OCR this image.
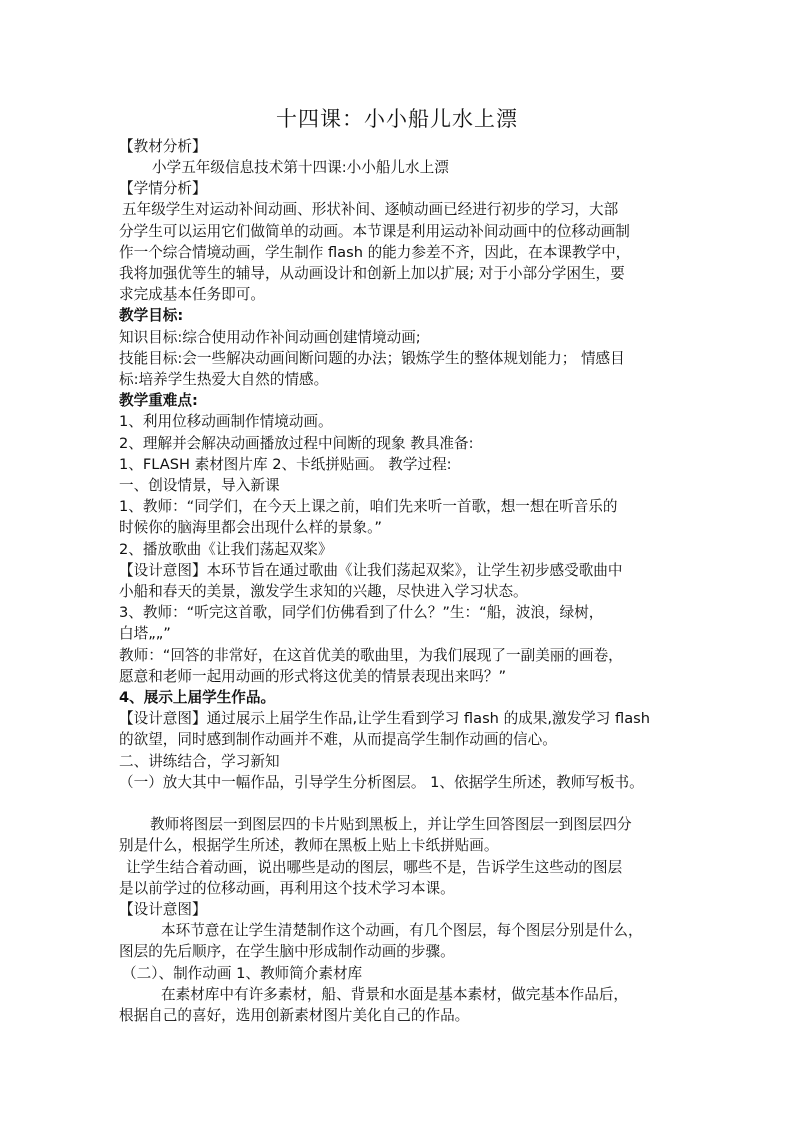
十四课：小小船儿水上漂
【教材分析】
小学五年级信息技术第十四课:小小船儿水上漂
【学情分析】
五年级学生对运动补间动画、形状补间、逐帧动画已经进行初步的学习，大部
分学生可以运用它们做简单的动画。本节课是利用运动补间动画中的位移动画制
作一个综合情境动画，学生制作 flash 的能力参差不齐，因此，在本课教学中，
我将加强优等生的辅导，从动画设计和创新上加以扩展; 对于小部分学困生，要
求完成基本任务即可。
教学目标:
知识目标:综合使用动作补间动画创建情境动画;
技能目标:会一些解决动画间断问题的办法；锻炼学生的整体规划能力； 情感目
标:培养学生热爱大自然的情感。
教学重难点:
1、利用位移动画制作情境动画。
2、理解并会解决动画播放过程中间断的现象 教具准备:
1、FLASH 素材图片库 2、卡纸拼贴画。 教学过程:
一、创设情景，导入新课
1、教师：“同学们，在今天上课之前，咱们先来听一首歌，想一想在听音乐的
时候你的脑海里都会出现什么样的景象。”
2、播放歌曲《让我们荡起双桨》
【设计意图】本环节旨在通过歌曲《让我们荡起双桨》，让学生初步感受歌曲中
小船和春天的美景，激发学生求知的兴趣，尽快进入学习状态。
3、教师：“听完这首歌，同学们仿佛看到了什么？”生：“船，波浪，绿树，
白塔„„”
教师：“回答的非常好，在这首优美的歌曲里，为我们展现了一副美丽的画卷，
愿意和老师一起用动画的形式将这优美的情景表现出来吗？”
4、展示上届学生作品。
【设计意图】通过展示上届学生作品,让学生看到学习 flash 的成果,激发学习 flash
的欲望，同时感到制作动画并不难，从而提高学生制作动画的信心。
二、讲练结合，学习新知
（一）放大其中一幅作品，引导学生分析图层。 1、依据学生所述，教师写板书。
教师将图层一到图层四的卡片贴到黑板上，并让学生回答图层一到图层四分
别是什么，根据学生所述，教师在黑板上贴上卡纸拼贴画。
让学生结合着动画，说出哪些是动的图层，哪些不是，告诉学生这些动的图层
是以前学过的位移动画，再利用这个技术学习本课。
【设计意图】
本环节意在让学生清楚制作这个动画，有几个图层，每个图层分别是什么，
图层的先后顺序，在学生脑中形成制作动画的步骤。
（二）、制作动画 1、教师简介素材库
在素材库中有许多素材，船、背景和水面是基本素材，做完基本作品后，
根据自己的喜好，选用创新素材图片美化自己的作品。
